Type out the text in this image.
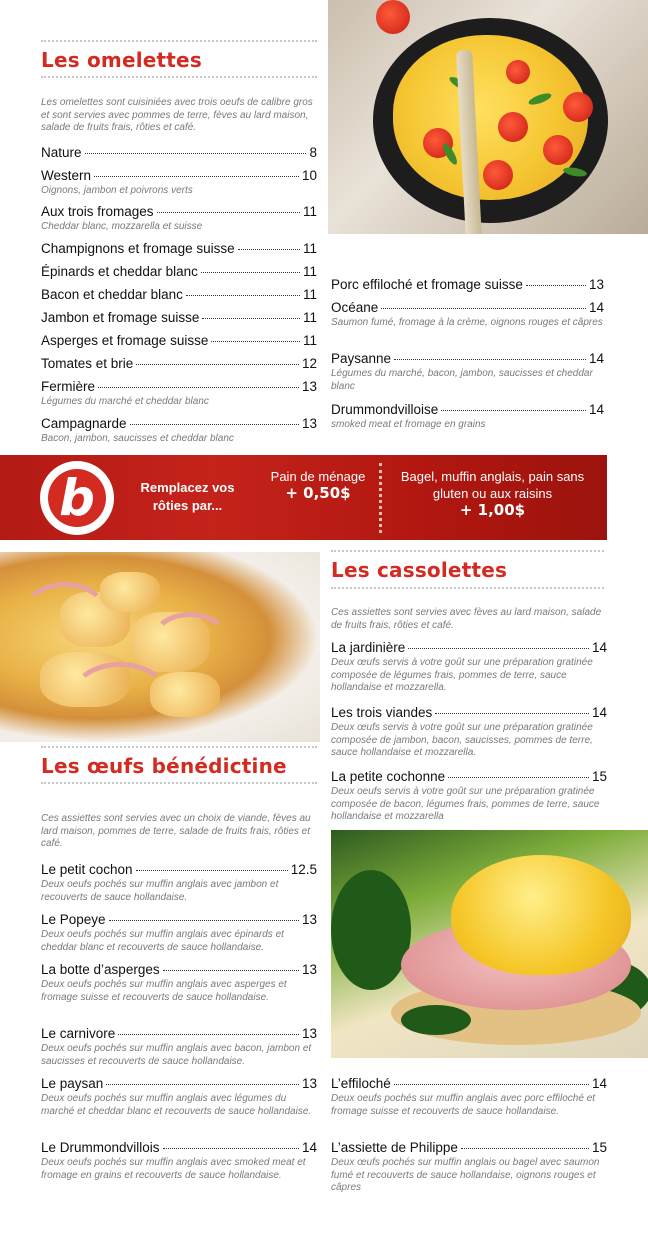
Les omelettes
Les omelettes sont cuisiniées avec trois oeufs de calibre gros et sont servies avec pommes de terre, fèves au lard maison, salade de fruits frais, rôties et café.
Nature	8
Western	10
Oignons, jambon et poivrons verts
Aux trois fromages	11
Cheddar blanc, mozzarella et suisse
Champignons et fromage suisse	11
Épinards et cheddar blanc	11
Bacon et cheddar blanc	11
Jambon et fromage suisse	11
Asperges et fromage suisse	11
Tomates et brie	12
Fermière	13
Légumes du marché et cheddar blanc
Campagnarde	13
Bacon, jambon, saucisses et cheddar blanc
Porc effiloché et fromage suisse	13
Océane	14
Saumon fumé, fromage à la crème, oignons rouges et câpres
Paysanne	14
Légumes du marché, bacon, jambon, saucisses et cheddar blanc
Drummondvilloise	14
smoked meat et fromage en grains
b	Remplacez vos rôties par...
Pain de ménage
+ 0,50$
Bagel, muffin anglais, pain sans gluten ou aux raisins
+ 1,00$
Les cassolettes
Ces assiettes sont servies avec fèves au lard maison, salade de fruits frais, rôties et café.
La jardinière	14
Deux œufs servis à votre goût sur une préparation gratinée composée de légumes frais, pommes de terre, sauce hollandaise et mozzarella.
Les trois viandes	14
Deux œufs servis à votre goût sur une préparation gratinée composée de jambon, bacon, saucisses, pommes de terre, sauce hollandaise et mozzarella.
La petite cochonne	15
Deux oeufs servis à votre goût sur une préparation gratinée composée de bacon, légumes frais, pommes de terre, sauce hollandaise et mozzarella
Les œufs bénédictine
Ces assiettes sont servies avec un choix de viande, fèves au lard maison, pommes de terre, salade de fruits frais, rôties et café.
Le petit cochon	12.5
Deux oeufs pochés sur muffin anglais avec jambon et recouverts de sauce hollandaise.
Le Popeye	13
Deux oeufs pochés sur muffin anglais avec épinards et cheddar blanc et recouverts de sauce hollandaise.
La botte d’asperges	13
Deux oeufs pochés sur muffin anglais avec asperges et fromage suisse et recouverts de sauce hollandaise.
Le carnivore	13
Deux oeufs pochés sur muffin anglais avec bacon, jambon et saucisses et recouverts de sauce hollandaise.
Le paysan	13
Deux oeufs pochés sur muffin anglais avec légumes du marché et cheddar blanc et recouverts de sauce hollandaise.
Le Drummondvillois	14
Deux oeufs pochés sur muffin anglais avec smoked meat et fromage en grains et recouverts de sauce hollandaise.
L’effiloché	14
Deux oeufs pochés sur muffin anglais avec porc effiloché et fromage suisse et recouverts de sauce hollandaise.
L’assiette de Philippe	15
Deux œufs pochés sur muffin anglais ou bagel avec saumon fumé et recouverts de sauce hollandaise, oignons rouges et câpres
